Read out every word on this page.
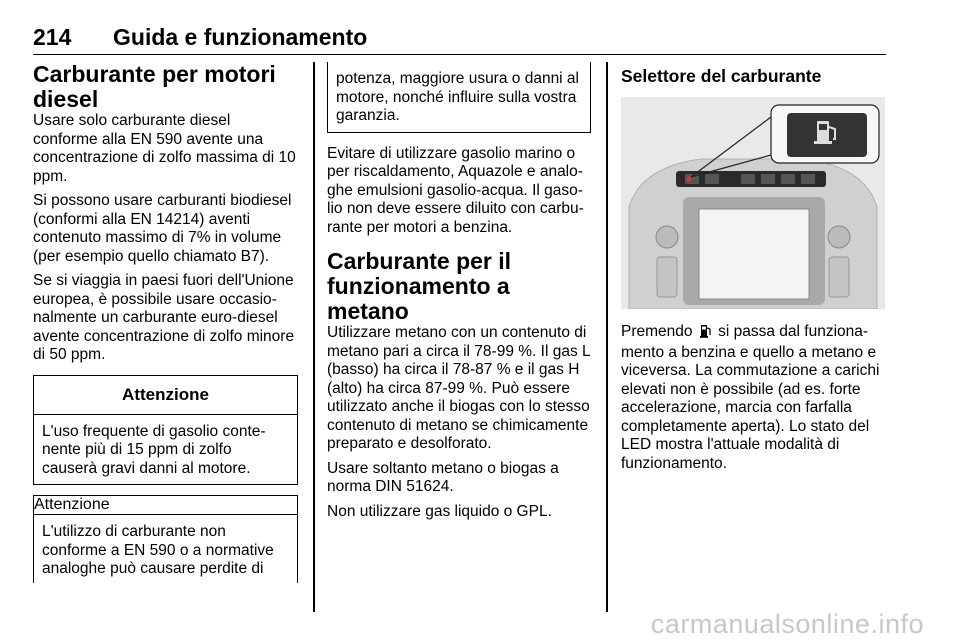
214 Guida e funzionamento
Carburante per motori diesel

Usare solo carburante diesel conforme alla EN 590 avente una concentrazione di zolfo massima di 10 ppm.

Si possono usare carburanti biodiesel (conformi alla EN 14214) aventi contenuto massimo di 7% in volume (per esempio quello chiamato B7).

Se si viaggia in paesi fuori dell'Unione europea, è possibile usare occasionalmente un carburante euro-diesel avente concentrazione di zolfo minore di 50 ppm.

Attenzione
L'uso frequente di gasolio contenente più di 15 ppm di zolfo causerà gravi danni al motore.
Attenzione
L'utilizzo di carburante non conforme a EN 590 o a normative analoghe può causare perdite di
potenza, maggiore usura o danni al motore, nonché influire sulla vostra garanzia.

Evitare di utilizzare gasolio marino o per riscaldamento, Aquazole e analoghe emulsioni gasolio-acqua. Il gasolio non deve essere diluito con carburante per motori a benzina.

Carburante per il funzionamento a metano

Utilizzare metano con un contenuto di metano pari a circa il 78-99 %. Il gas L (basso) ha circa il 78-87 % e il gas H (alto) ha circa 87-99 %. Può essere utilizzato anche il biogas con lo stesso contenuto di metano se chimicamente preparato e desolforato.

Usare soltanto metano o biogas a norma DIN 51624.

Non utilizzare gas liquido o GPL.

Selettore del carburante

Premendo si passa dal funzionamento a benzina e quello a metano e viceversa. La commutazione a carichi elevati non è possibile (ad es. forte accelerazione, marcia con farfalla completamente aperta). Lo stato del LED mostra l'attuale modalità di funzionamento.

carmanualsonline.info
